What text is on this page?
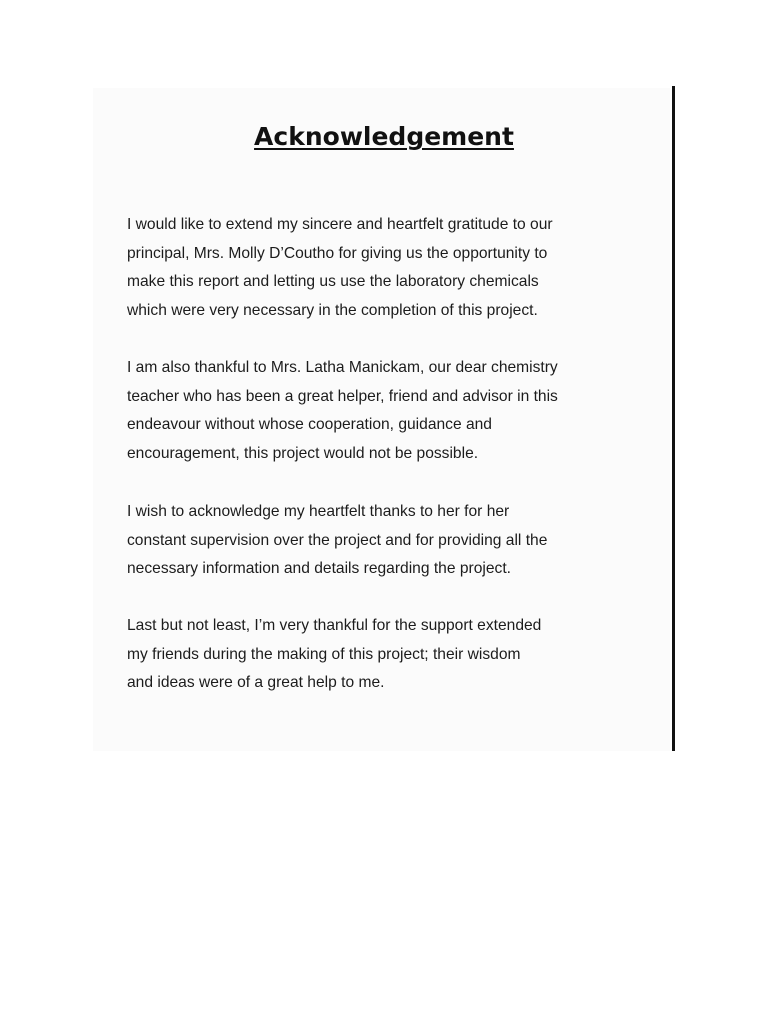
Acknowledgement

I would like to extend my sincere and heartfelt gratitude to our
principal, Mrs. Molly D’Coutho for giving us the opportunity to
make this report and letting us use the laboratory chemicals
which were very necessary in the completion of this project.

I am also thankful to Mrs. Latha Manickam, our dear chemistry
teacher who has been a great helper, friend and advisor in this
endeavour without whose cooperation, guidance and
encouragement, this project would not be possible.

I wish to acknowledge my heartfelt thanks to her for her
constant supervision over the project and for providing all the
necessary information and details regarding the project.

Last but not least, I’m very thankful for the support extended
my friends during the making of this project; their wisdom
and ideas were of a great help to me.
